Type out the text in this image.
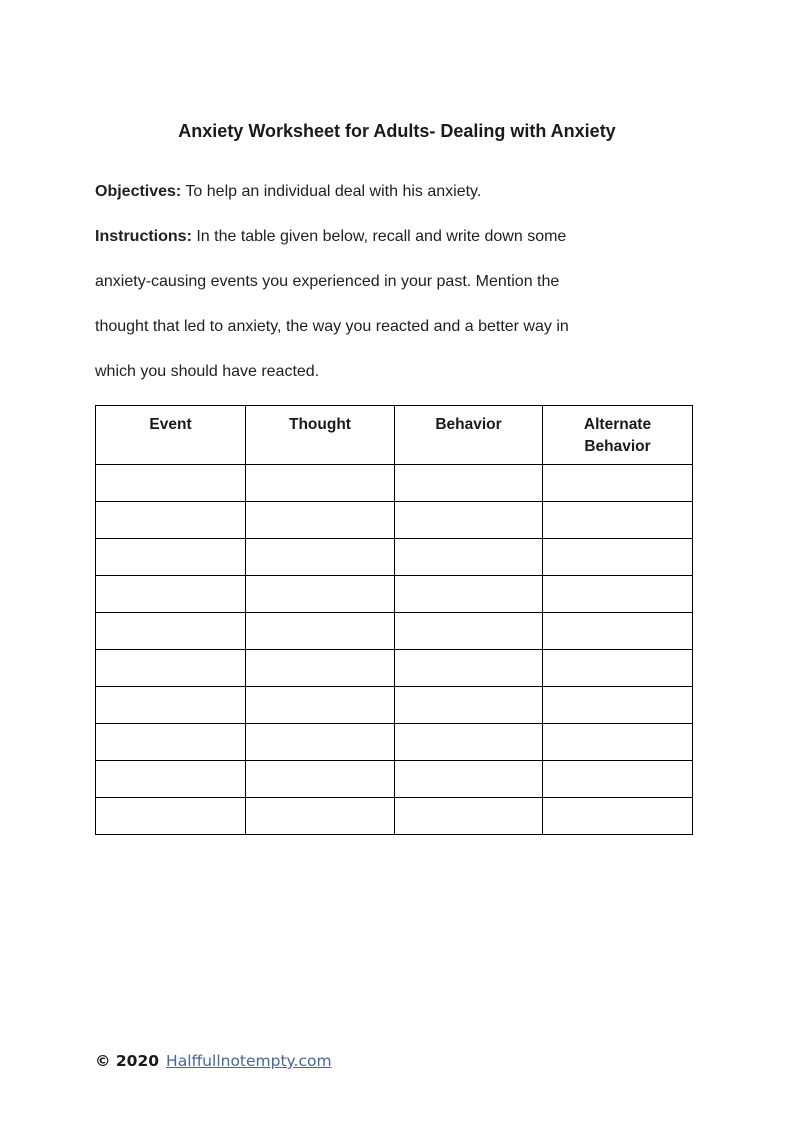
Anxiety Worksheet for Adults- Dealing with Anxiety
Objectives: To help an individual deal with his anxiety.
Instructions: In the table given below, recall and write down some
anxiety-causing events you experienced in your past. Mention the
thought that led to anxiety, the way you reacted and a better way in
which you should have reacted.
Event	Thought	Behavior	Alternate Behavior

© 2020 Halffullnotempty.com
